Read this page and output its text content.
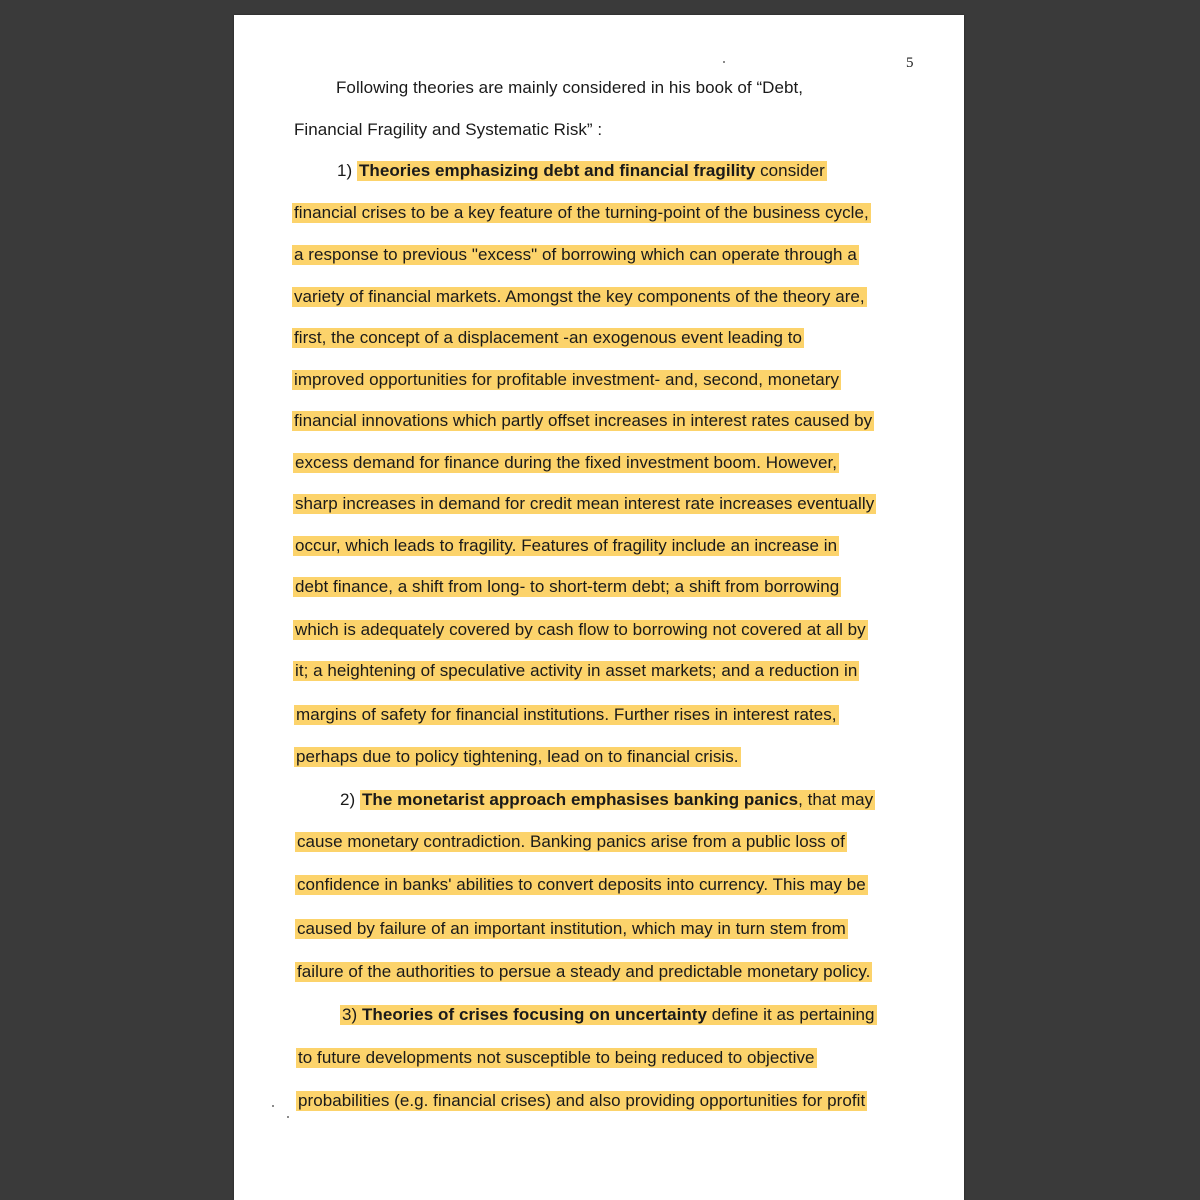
5
Following theories are mainly considered in his book of “Debt,
Financial Fragility and Systematic Risk” :
1) Theories emphasizing debt and financial fragility consider
financial crises to be a key feature of the turning-point of the business cycle,
a response to previous "excess" of borrowing which can operate through a
variety of financial markets. Amongst the key components of the theory are,
first, the concept of a displacement -an exogenous event leading to
improved opportunities for profitable investment- and, second, monetary
financial innovations which partly offset increases in interest rates caused by
excess demand for finance during the fixed investment boom. However,
sharp increases in demand for credit mean interest rate increases eventually
occur, which leads to fragility. Features of fragility include an increase in
debt finance, a shift from long- to short-term debt; a shift from borrowing
which is adequately covered by cash flow to borrowing not covered at all by
it; a heightening of speculative activity in asset markets; and a reduction in
margins of safety for financial institutions. Further rises in interest rates,
perhaps due to policy tightening, lead on to financial crisis.
2) The monetarist approach emphasises banking panics, that may
cause monetary contradiction. Banking panics arise from a public loss of
confidence in banks' abilities to convert deposits into currency. This may be
caused by failure of an important institution, which may in turn stem from
failure of the authorities to persue a steady and predictable monetary policy.
3) Theories of crises focusing on uncertainty define it as pertaining
to future developments not susceptible to being reduced to objective
probabilities (e.g. financial crises) and also providing opportunities for profit
